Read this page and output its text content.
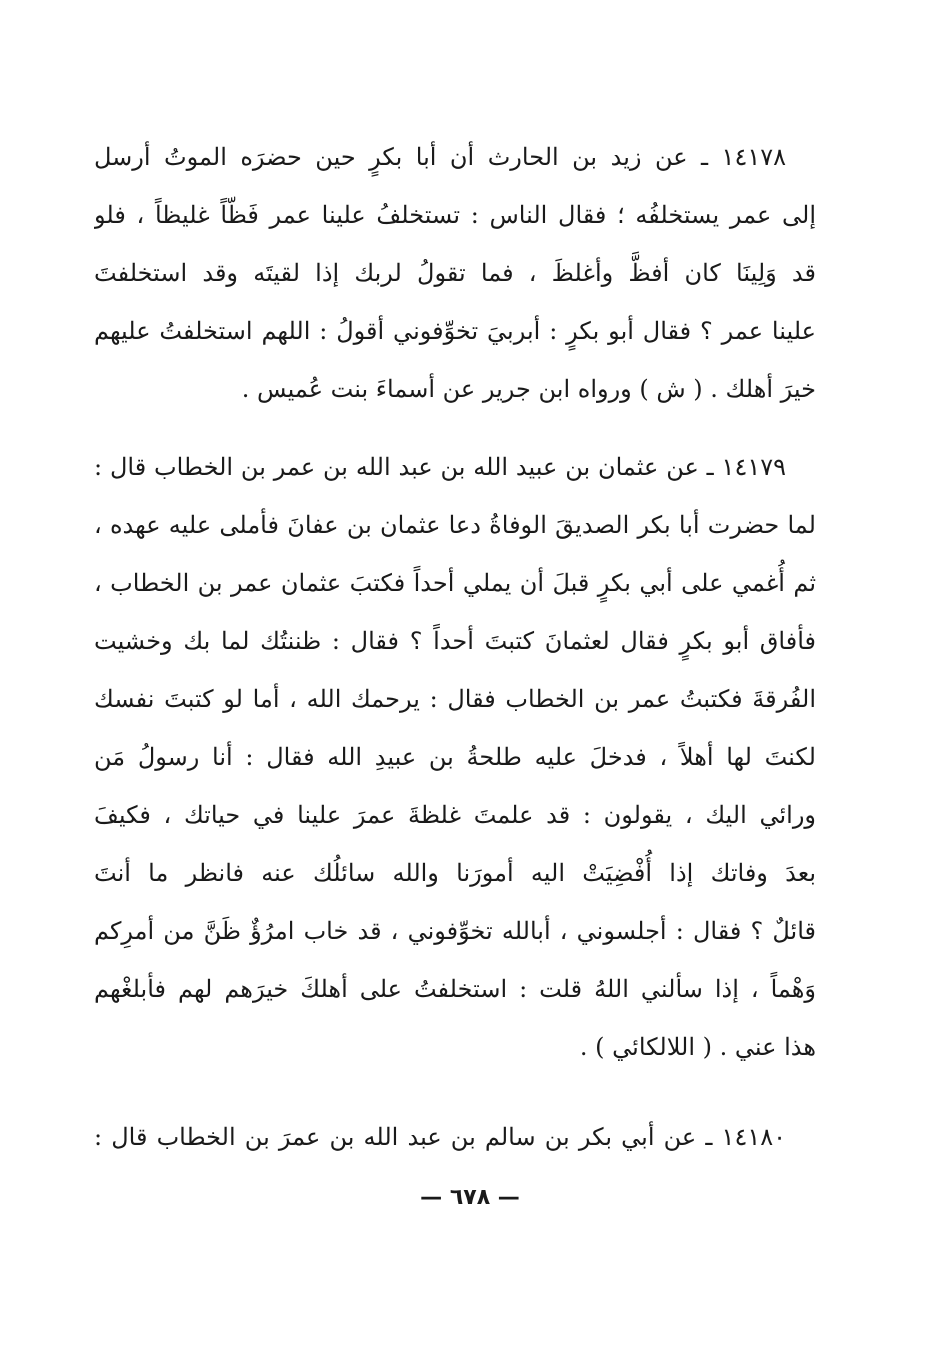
١٤١٧٨ ـ عن زيد بن الحارث أن أبا بكرٍ حين حضرَه الموتُ أرسل
إلى عمر يستخلفُه ؛ فقال الناس : تستخلفُ علينا عمر فَظّاً غليظاً ، فلو
قد وَلِينَا كان أفظَّ وأغلظَ ، فما تقولُ لربك إذا لقيتَه وقد استخلفتَ
علينا عمر ؟ فقال أبو بكرٍ : أبربيَ تخوِّفوني أقولُ : اللهم استخلفتُ عليهم
خيرَ أهلك . ( ش ) ورواه ابن جرير عن أسماءَ بنت عُميس .
١٤١٧٩ ـ عن عثمان بن عبيد الله بن عبد الله بن عمر بن الخطاب قال :
لما حضرت أبا بكر الصديقَ الوفاةُ دعا عثمان بن عفانَ فأملى عليه عهده ،
ثم أُغمي على أبي بكرٍ قبلَ أن يملي أحداً فكتبَ عثمان عمر بن الخطاب ،
فأفاق أبو بكرٍ فقال لعثمانَ كتبتَ أحداً ؟ فقال : ظننتُك لما بك وخشيت
الفُرقةَ فكتبتُ عمر بن الخطاب فقال : يرحمك الله ، أما لو كتبتَ نفسك
لكنتَ لها أهلاً ، فدخلَ عليه طلحةُ بن عبيدِ الله فقال : أنا رسولُ مَن
ورائي اليك ، يقولون : قد علمتَ غلظةَ عمرَ علينا في حياتك ، فكيفَ
بعدَ وفاتك إذا أُفْضِيَتْ اليه أمورَنا والله سائلُك عنه فانظر ما أنتَ
قائلٌ ؟ فقال : أجلسوني ، أبالله تخوِّفوني ، قد خاب امرُؤٌ ظَنَّ من أمرِكم
وَهْماً ، إذا سألني اللهُ قلت : استخلفتُ على أهلكَ خيرَهم لهم فأبلغْهم
هذا عني . ( اللالكائي ) .
١٤١٨٠ ـ عن أبي بكر بن سالم بن عبد الله بن عمرَ بن الخطاب قال :
— ٦٧٨ —
